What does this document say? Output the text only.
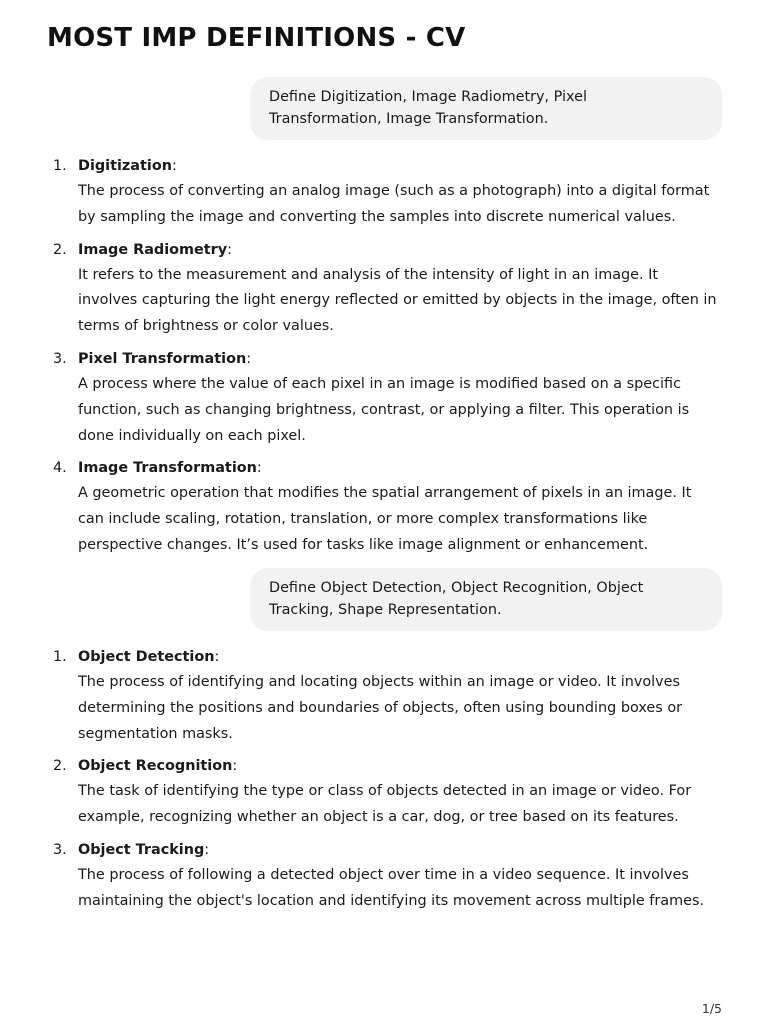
MOST IMP DEFINITIONS - CV
Define Digitization, Image Radiometry, Pixel Transformation, Image Transformation.
1. Digitization:
The process of converting an analog image (such as a photograph) into a digital format by sampling the image and converting the samples into discrete numerical values.
2. Image Radiometry:
It refers to the measurement and analysis of the intensity of light in an image. It involves capturing the light energy reflected or emitted by objects in the image, often in terms of brightness or color values.
3. Pixel Transformation:
A process where the value of each pixel in an image is modified based on a specific function, such as changing brightness, contrast, or applying a filter. This operation is done individually on each pixel.
4. Image Transformation:
A geometric operation that modifies the spatial arrangement of pixels in an image. It can include scaling, rotation, translation, or more complex transformations like perspective changes. It’s used for tasks like image alignment or enhancement.
Define Object Detection, Object Recognition, Object Tracking, Shape Representation.
1. Object Detection:
The process of identifying and locating objects within an image or video. It involves determining the positions and boundaries of objects, often using bounding boxes or segmentation masks.
2. Object Recognition:
The task of identifying the type or class of objects detected in an image or video. For example, recognizing whether an object is a car, dog, or tree based on its features.
3. Object Tracking:
The process of following a detected object over time in a video sequence. It involves maintaining the object's location and identifying its movement across multiple frames.
1/5
